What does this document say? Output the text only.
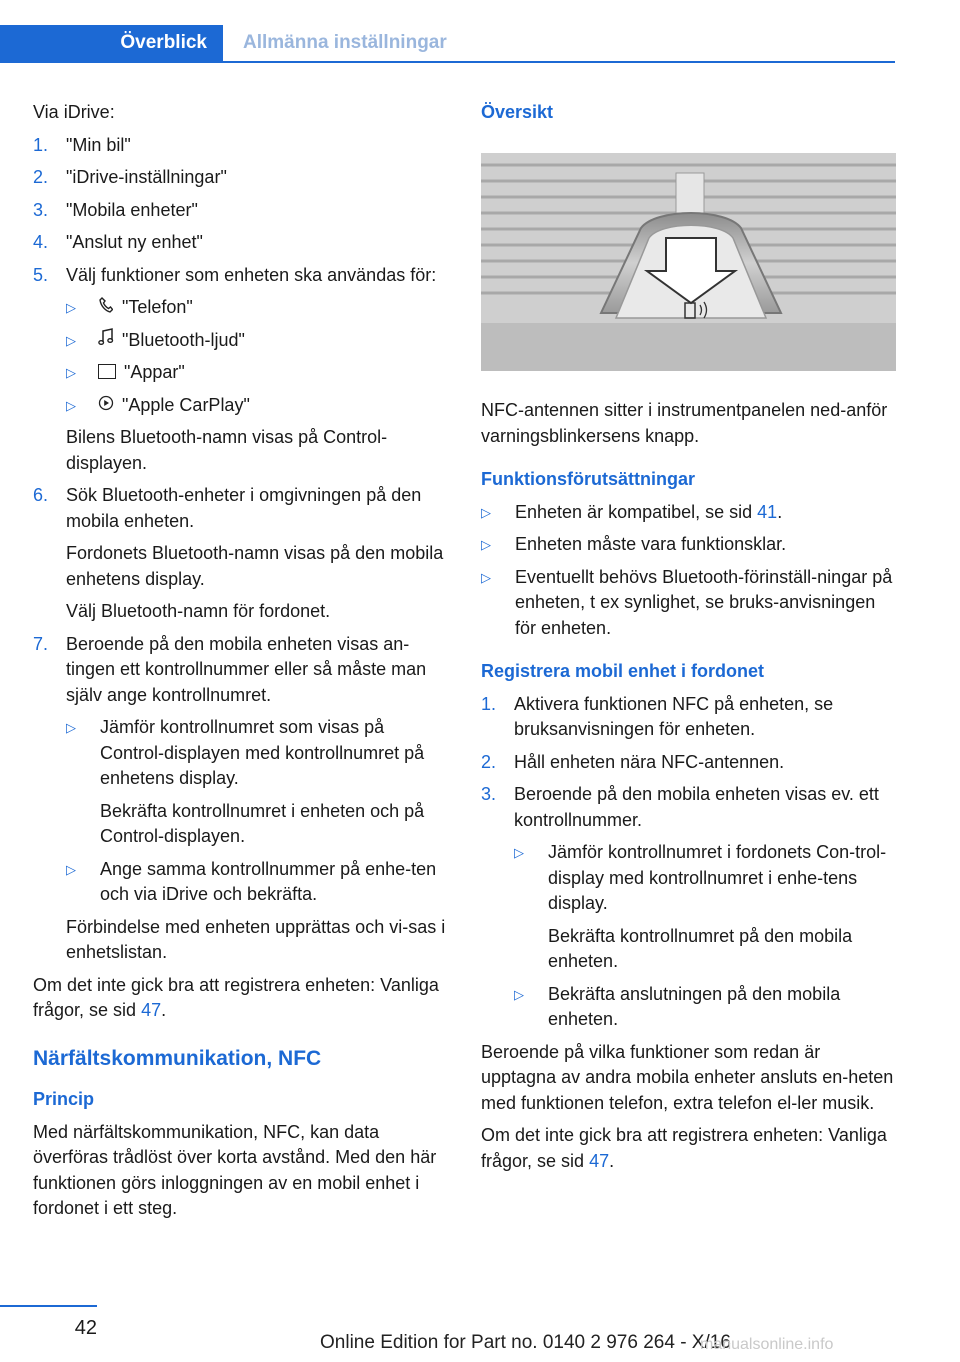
Överblick	Allmänna inställningar

Via iDrive:

1. "Min bil"
2. "iDrive-inställningar"
3. "Mobila enheter"
4. "Anslut ny enhet"
5. Välj funktioner som enheten ska användas för:
▷	"Telefon"
▷	"Bluetooth-ljud"
▷	"Appar"
▷	"Apple CarPlay"

Bilens Bluetooth-namn visas på Control-displayen.

6. Sök Bluetooth-enheter i omgivningen på den mobila enheten.

Fordonets Bluetooth-namn visas på den mobila enhetens display.

Välj Bluetooth-namn för fordonet.

7. Beroende på den mobila enheten visas an-tingen ett kontrollnummer eller så måste man själv ange kontrollnumret.
▷ Jämför kontrollnumret som visas på Control-displayen med kontrollnumret på enhetens display.

Bekräfta kontrollnumret i enheten och på Control-displayen.

▷ Ange samma kontrollnummer på enhe-ten och via iDrive och bekräfta.

Förbindelse med enheten upprättas och vi-sas i enhetslistan.

Om det inte gick bra att registrera enheten: Vanliga frågor, se sid 47.

Närfältskommunikation, NFC
Princip

Med närfältskommunikation, NFC, kan data överföras trådlöst över korta avstånd. Med den här funktionen görs inloggningen av en mobil enhet i fordonet i ett steg.

Översikt

NFC-antennen sitter i instrumentpanelen ned-anför varningsblinkersens knapp.

Funktionsförutsättningar
▷ Enheten är kompatibel, se sid 41.
▷ Enheten måste vara funktionsklar.
▷ Eventuellt behövs Bluetooth-förinställ-ningar på enheten, t ex synlighet, se bruks-anvisningen för enheten.
Registrera mobil enhet i fordonet
1. Aktivera funktionen NFC på enheten, se bruksanvisningen för enheten.
2. Håll enheten nära NFC-antennen.
3. Beroende på den mobila enheten visas ev. ett kontrollnummer.
▷ Jämför kontrollnumret i fordonets Con-trol-display med kontrollnumret i enhe-tens display.

Bekräfta kontrollnumret på den mobila enheten.

▷ Bekräfta anslutningen på den mobila enheten.

Beroende på vilka funktioner som redan är upptagna av andra mobila enheter ansluts en-heten med funktionen telefon, extra telefon el-ler musik.

Om det inte gick bra att registrera enheten: Vanliga frågor, se sid 47.

42
Online Edition for Part no. 0140 2 976 264 - X/16
manualsonline.info
